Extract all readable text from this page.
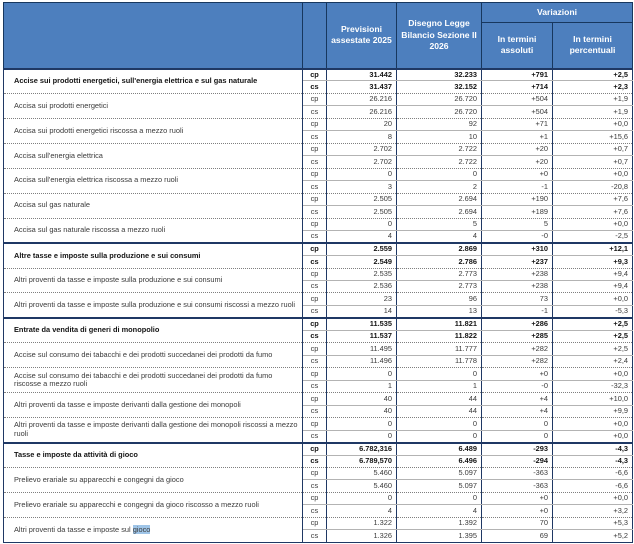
		Previsioni assestate 2025	Disegno Legge Bilancio Sezione II 2026	Variazioni	
				In termini assoluti	In termini percentuali
Accise sui prodotti energetici, sull'energia elettrica e sul gas naturale	cp	31.442	32.233	+791	+2,5
	cs	31.437	32.152	+714	+2,3
Accisa sui prodotti energetici	cp	26.216	26.720	+504	+1,9
	cs	26.216	26.720	+504	+1,9
Accisa sui prodotti energetici riscossa a mezzo ruoli	cp	20	92	+71	+0,0
	cs	8	10	+1	+15,6
Accisa sull'energia elettrica	cp	2.702	2.722	+20	+0,7
	cs	2.702	2.722	+20	+0,7
Accisa sull'energia elettrica riscossa a mezzo ruoli	cp	0	0	+0	+0,0
	cs	3	2	-1	-20,8
Accisa sul gas naturale	cp	2.505	2.694	+190	+7,6
	cs	2.505	2.694	+189	+7,6
Accisa sul gas naturale riscossa a mezzo ruoli	cp	0	5	5	+0,0
	cs	4	4	-0	-2,5
Altre tasse e imposte sulla produzione e sui consumi	cp	2.559	2.869	+310	+12,1
	cs	2.549	2.786	+237	+9,3
Altri proventi da tasse e imposte sulla produzione e sui consumi	cp	2.535	2.773	+238	+9,4
	cs	2.536	2.773	+238	+9,4
Altri proventi da tasse e imposte sulla produzione e sui consumi riscossi a mezzo ruoli	cp	23	96	73	+0,0
	cs	14	13	-1	-5,3
Entrate da vendita di generi di monopolio	cp	11.535	11.821	+286	+2,5
	cs	11.537	11.822	+285	+2,5
Accise sul consumo dei tabacchi e dei prodotti succedanei dei prodotti da fumo	cp	11.495	11.777	+282	+2,5
	cs	11.496	11.778	+282	+2,4
Accise sul consumo dei tabacchi e dei prodotti succedanei dei prodotti da fumo riscosse a mezzo ruoli	cp	0	0	+0	+0,0
	cs	1	1	-0	-32,3
Altri proventi da tasse e imposte derivanti dalla gestione dei monopoli	cp	40	44	+4	+10,0
	cs	40	44	+4	+9,9
Altri proventi da tasse e imposte derivanti dalla gestione dei monopoli riscossi a mezzo ruoli	cp	0	0	0	+0,0
	cs	0	0	0	+0,0
Tasse e imposte da attività di gioco	cp	6.782,316	6.489	-293	-4,3
	cs	6.789,570	6.496	-294	-4,3
Prelievo erariale su apparecchi e congegni da gioco	cp	5.460	5.097	-363	-6,6
	cs	5.460	5.097	-363	-6,6
Prelievo erariale su apparecchi e congegni da gioco riscosso a mezzo ruoli	cp	0	0	+0	+0,0
	cs	4	4	+0	+3,2
Altri proventi da tasse e imposte sul gioco	cp	1.322	1.392	70	+5,3
	cs	1.326	1.395	69	+5,2
